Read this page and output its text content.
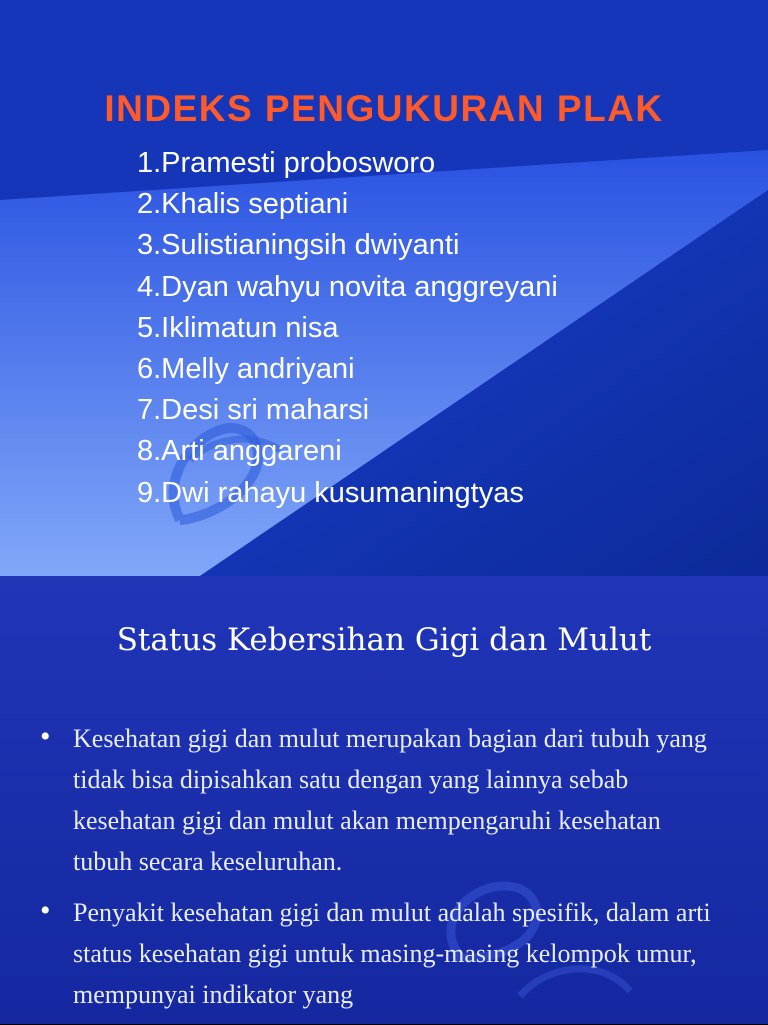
INDEKS PENGUKURAN PLAK
1.Pramesti probosworo
2.Khalis septiani
3.Sulistianingsih dwiyanti
4.Dyan wahyu novita anggreyani
5.Iklimatun nisa
6.Melly andriyani
7.Desi sri maharsi
8.Arti anggareni
9.Dwi rahayu kusumaningtyas
Status Kebersihan Gigi dan Mulut
• Kesehatan gigi dan mulut merupakan bagian dari tubuh yang tidak bisa dipisahkan satu dengan yang lainnya sebab kesehatan gigi dan mulut akan mempengaruhi kesehatan tubuh secara keseluruhan.
• Penyakit kesehatan gigi dan mulut adalah spesifik, dalam arti status kesehatan gigi untuk masing-masing kelompok umur, mempunyai indikator yang
